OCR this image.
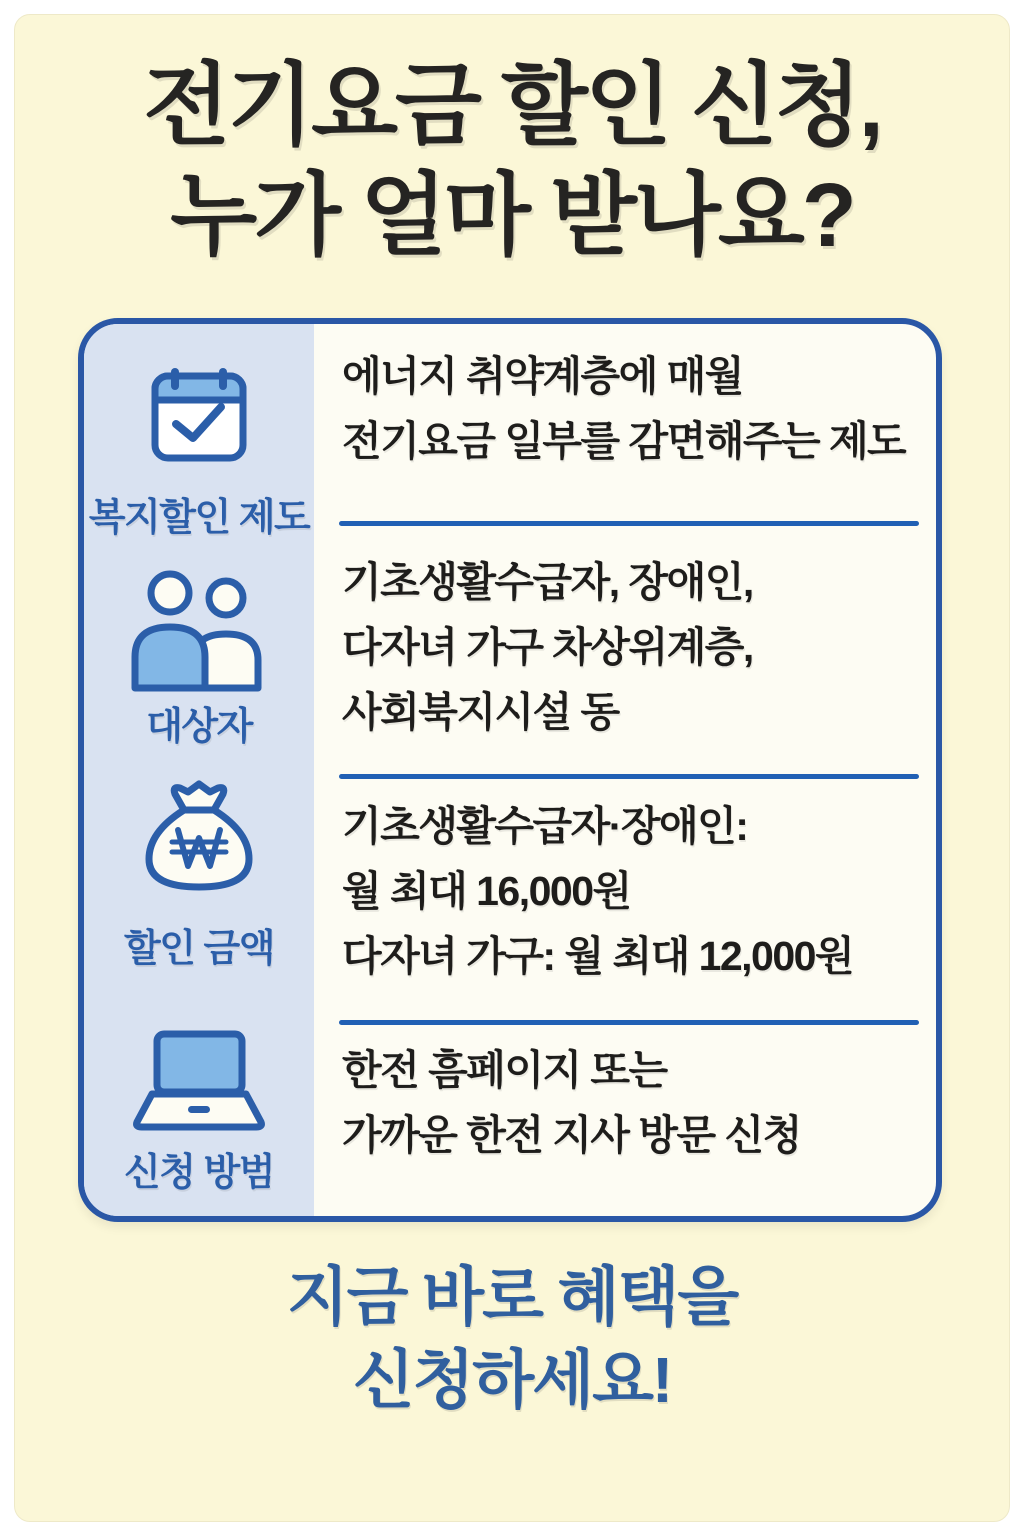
전기요금 할인 신청,
누가 얼마 받나요?
복지할인 제도
에너지 취약계층에 매월
전기요금 일부를 감면해주는 제도
대상자
기초생활수급자, 장애인,
다자녀 가구 차상위계층,
사회북지시설 동
할인 금액
기초생활수급자·장애인:
월 최대 16,000원
다자녀 가구: 월 최대 12,000원
신청 방범
한전 흠페이지 또는
가까운 한전 지사 방문 신청
지금 바로 혜택을
신청하세요!
